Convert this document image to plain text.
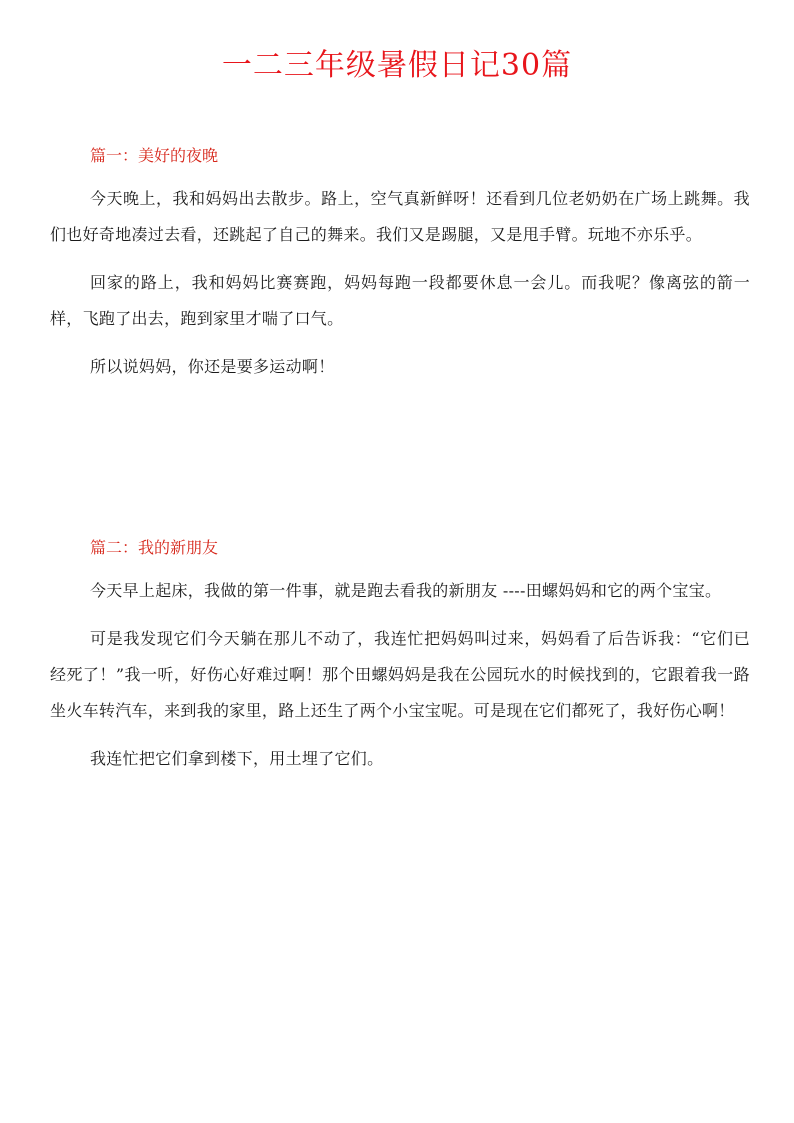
一二三年级暑假日记30篇
篇一：美好的夜晚

今天晚上，我和妈妈出去散步。路上，空气真新鲜呀！还看到几位老奶奶在广场上跳舞。我们也好奇地凑过去看，还跳起了自己的舞来。我们又是踢腿，又是甩手臂。玩地不亦乐乎。

回家的路上，我和妈妈比赛赛跑，妈妈每跑一段都要休息一会儿。而我呢？像离弦的箭一样，飞跑了出去，跑到家里才喘了口气。

所以说妈妈，你还是要多运动啊！

篇二：我的新朋友

今天早上起床，我做的第一件事，就是跑去看我的新朋友 ----田螺妈妈和它的两个宝宝。

可是我发现它们今天躺在那儿不动了，我连忙把妈妈叫过来，妈妈看了后告诉我：“它们已经死了！”我一听，好伤心好难过啊！那个田螺妈妈是我在公园玩水的时候找到的，它跟着我一路坐火车转汽车，来到我的家里，路上还生了两个小宝宝呢。可是现在它们都死了，我好伤心啊！

我连忙把它们拿到楼下，用土埋了它们。
